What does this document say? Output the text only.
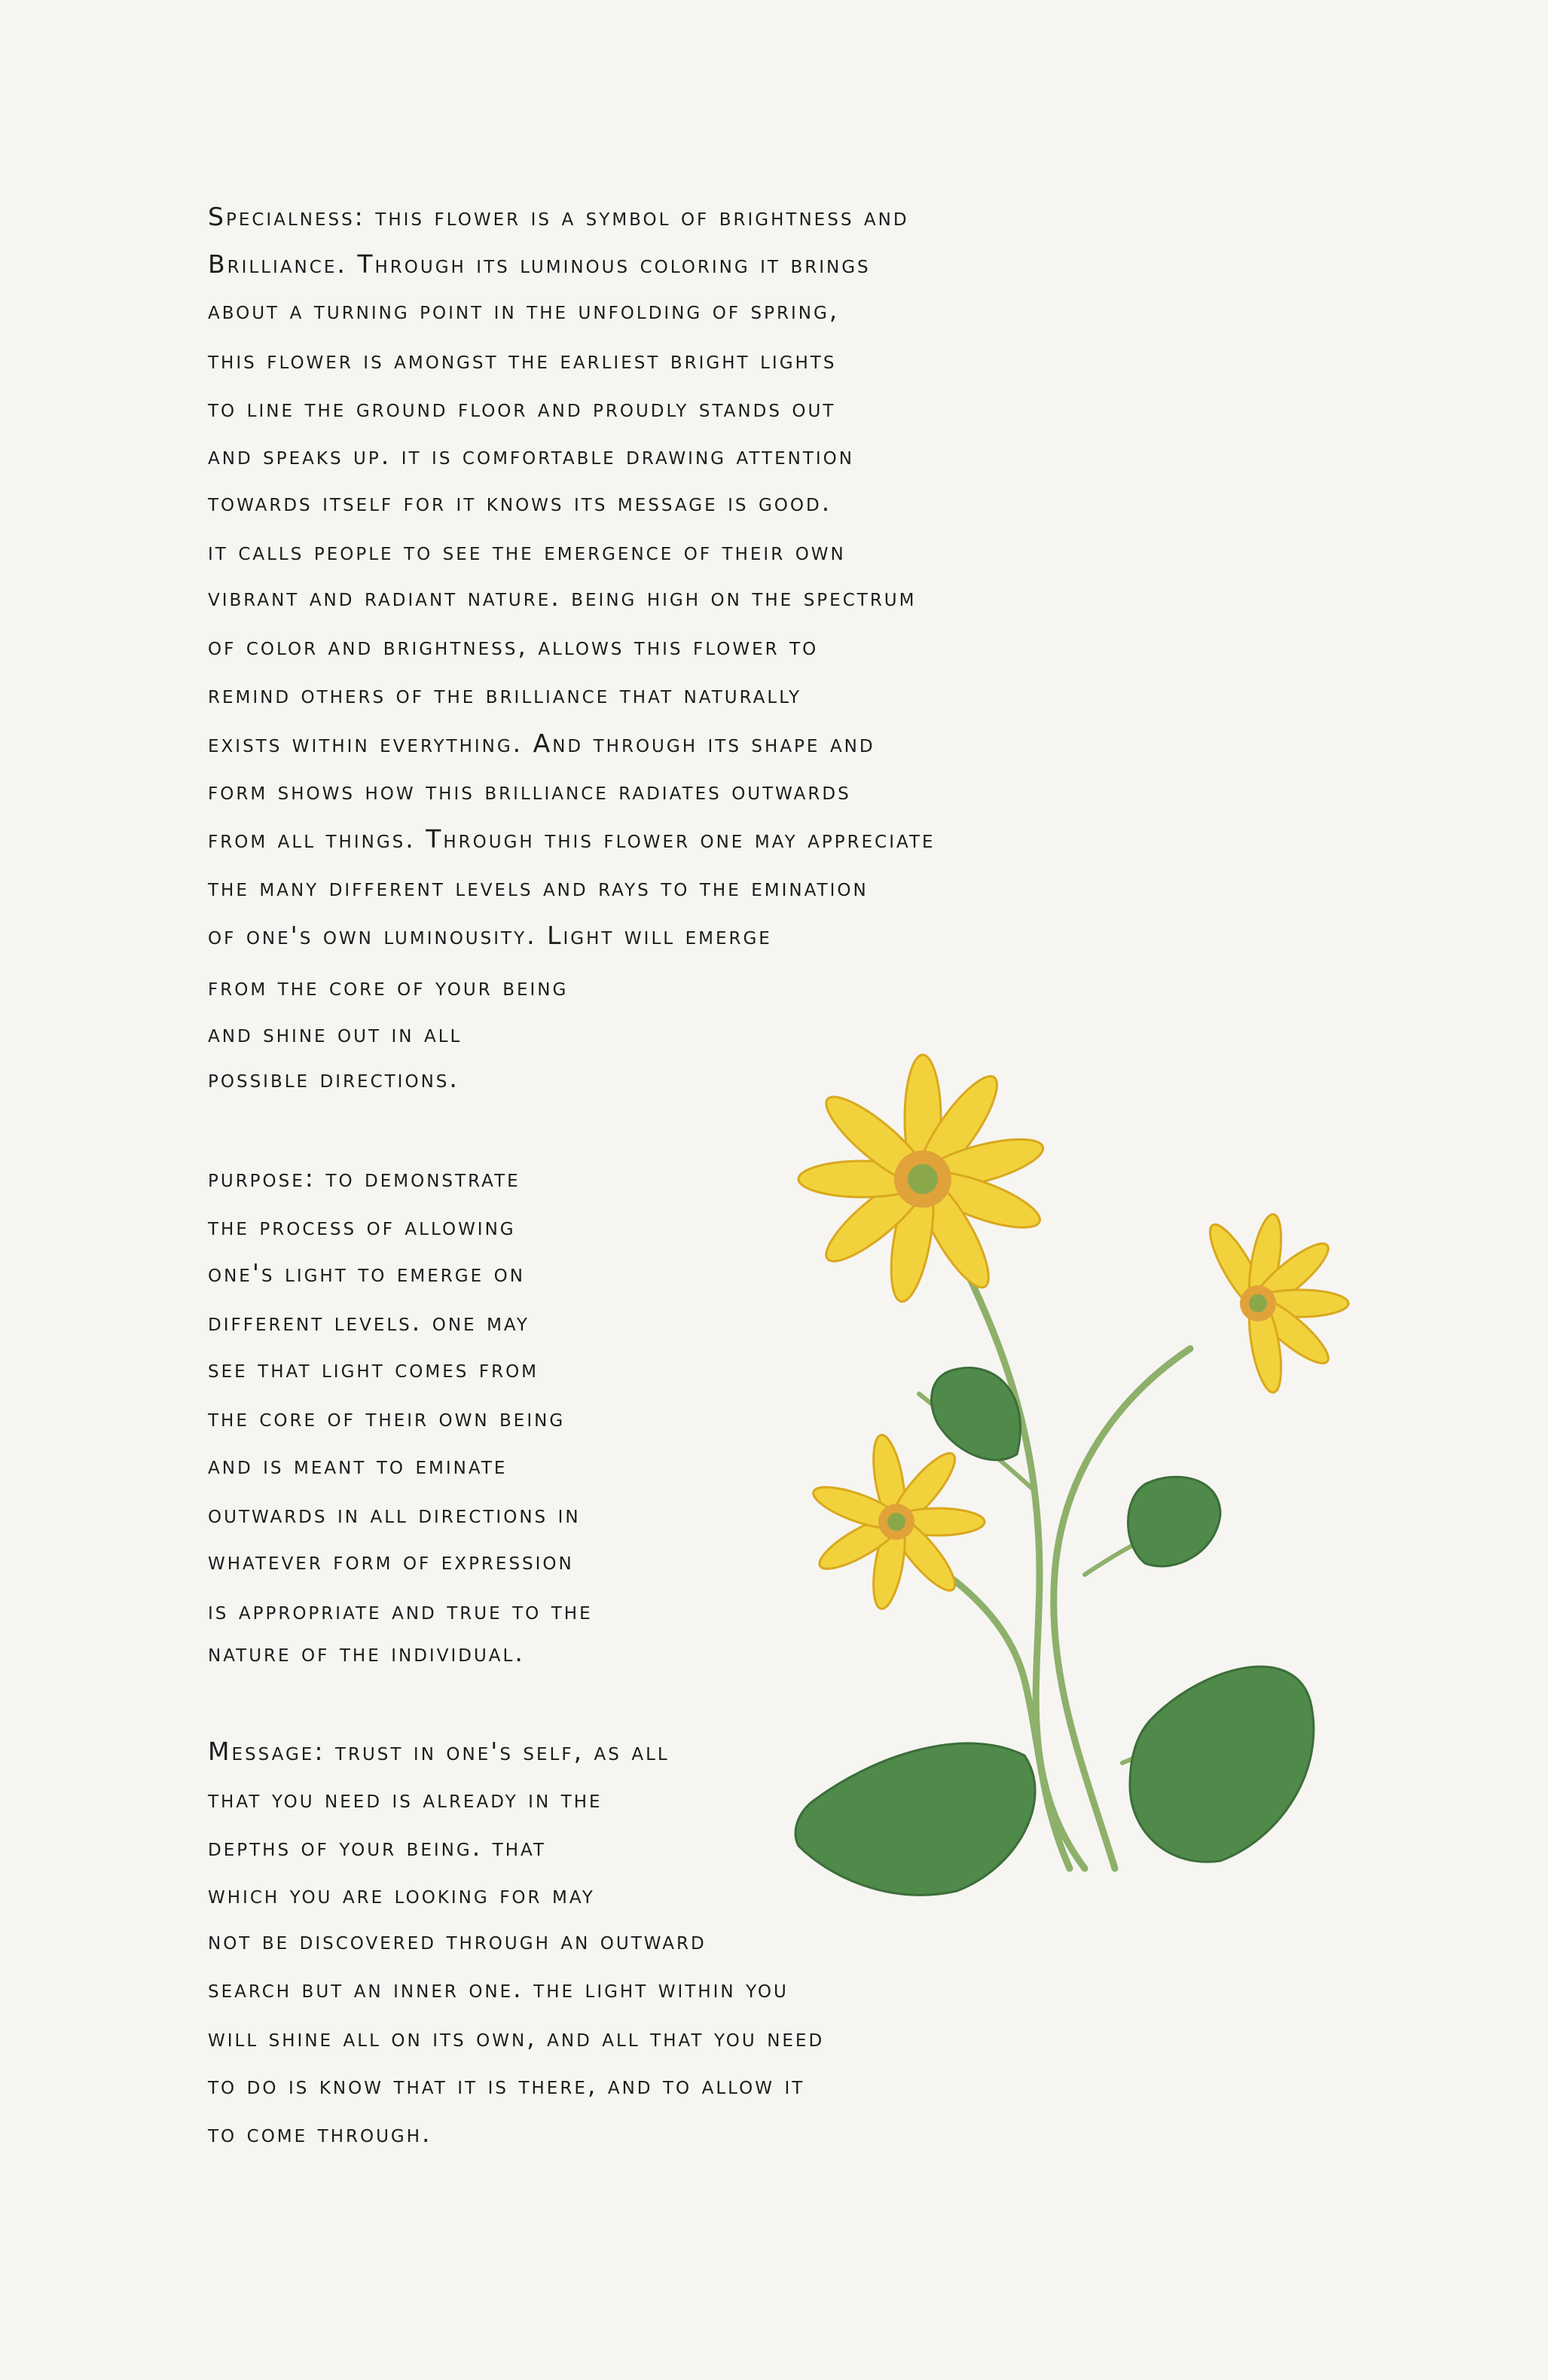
Specialness: this flower is a symbol of brightness and
Brilliance. Through its luminous coloring it brings
about a turning point in the unfolding of spring,
this flower is amongst the earliest bright lights
to line the ground floor and proudly stands out
and speaks up. it is comfortable drawing attention
towards itself for it knows its message is good.
it calls people to see the emergence of their own
vibrant and radiant nature. being high on the spectrum
of color and brightness, allows this flower to
remind others of the brilliance that naturally
exists within everything. And through its shape and
form shows how this brilliance radiates outwards
from all things. Through this flower one may appreciate
the many different levels and rays to the emination
of one's own luminousity. Light will emerge
from the core of your being
and shine out in all
possible directions.
purpose: to demonstrate
the process of allowing
one's light to emerge on
different levels. one may
see that light comes from
the core of their own being
and is meant to eminate
outwards in all directions in
whatever form of expression
is appropriate and true to the
nature of the individual.
Message: trust in one's self, as all
that you need is already in the
depths of your being. that
which you are looking for may
not be discovered through an outward
search but an inner one. the light within you
will shine all on its own, and all that you need
to do is know that it is there, and to allow it
to come through.
